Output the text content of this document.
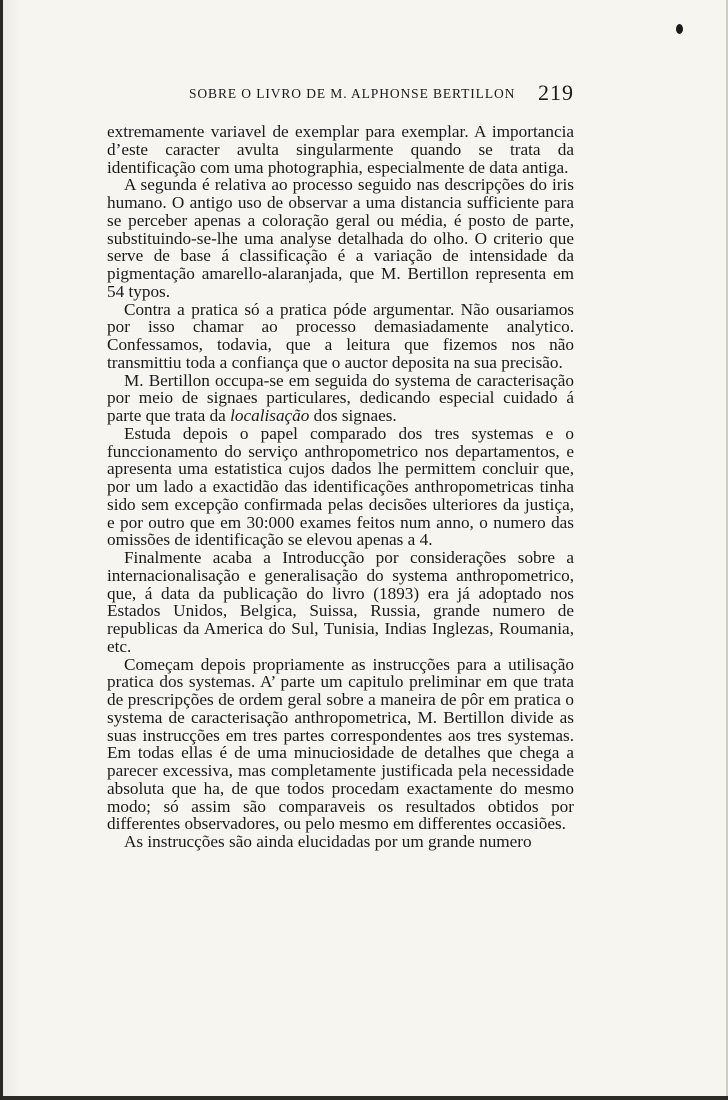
SOBRE O LIVRO DE M. ALPHONSE BERTILLON 219

extremamente variavel de exemplar para exemplar. A importancia d’este caracter avulta singularmente quando se trata da identificação com uma photographia, especialmente de data antiga.

A segunda é relativa ao processo seguido nas descripções do iris humano. O antigo uso de observar a uma distancia sufficiente para se perceber apenas a coloração geral ou média, é posto de parte, substituindo-se-lhe uma analyse detalhada do olho. O criterio que serve de base á classificação é a variação de intensidade da pigmentação amarello-alaranjada, que M. Bertillon representa em 54 typos.

Contra a pratica só a pratica póde argumentar. Não ousariamos por isso chamar ao processo demasiadamente analytico. Confessamos, todavia, que a leitura que fizemos nos não transmittiu toda a confiança que o auctor deposita na sua precisão.

M. Bertillon occupa-se em seguida do systema de caracterisação por meio de signaes particulares, dedicando especial cuidado á parte que trata da localisação dos signaes.

Estuda depois o papel comparado dos tres systemas e o funccionamento do serviço anthropometrico nos departamentos, e apresenta uma estatistica cujos dados lhe permittem concluir que, por um lado a exactidão das identificações anthropometricas tinha sido sem excepção confirmada pelas decisões ulteriores da justiça, e por outro que em 30:000 exames feitos num anno, o numero das omissões de identificação se elevou apenas a 4.

Finalmente acaba a Introducção por considerações sobre a internacionalisação e generalisação do systema anthropometrico, que, á data da publicação do livro (1893) era já adoptado nos Estados Unidos, Belgica, Suissa, Russia, grande numero de republicas da America do Sul, Tunisia, Indias Inglezas, Roumania, etc.

Começam depois propriamente as instrucções para a utilisação pratica dos systemas. A’ parte um capitulo preliminar em que trata de prescripções de ordem geral sobre a maneira de pôr em pratica o systema de caracterisação anthropometrica, M. Bertillon divide as suas instrucções em tres partes correspondentes aos tres systemas. Em todas ellas é de uma minuciosidade de detalhes que chega a parecer excessiva, mas completamente justificada pela necessidade absoluta que ha, de que todos procedam exactamente do mesmo modo; só assim são comparaveis os resultados obtidos por differentes observadores, ou pelo mesmo em differentes occasiões.

As instrucções são ainda elucidadas por um grande numero
